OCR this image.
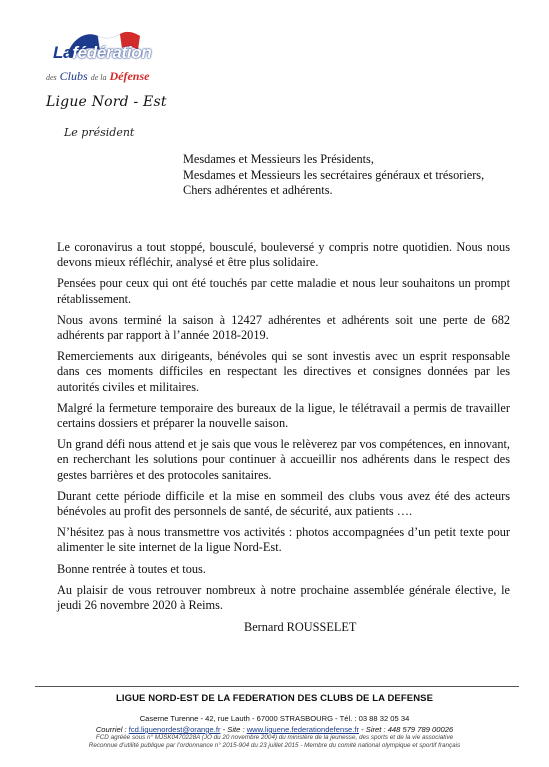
Lafédération
des Clubs de la Défense
Ligue Nord - Est
Le président
Mesdames et Messieurs les Présidents,
Mesdames et Messieurs les secrétaires généraux et trésoriers,
Chers adhérentes et adhérents.

Le coronavirus a tout stoppé, bousculé, bouleversé y compris notre quotidien. Nous nous devons mieux réfléchir, analysé et être plus solidaire.

Pensées pour ceux qui ont été touchés par cette maladie et nous leur souhaitons un prompt rétablissement.

Nous avons terminé la saison à 12427 adhérentes et adhérents soit une perte de 682 adhérents par rapport à l’année 2018-2019.

Remerciements aux dirigeants, bénévoles qui se sont investis avec un esprit responsable dans ces moments difficiles en respectant les directives et consignes données par les autorités civiles et militaires.

Malgré la fermeture temporaire des bureaux de la ligue, le télétravail a permis de travailler certains dossiers et préparer la nouvelle saison.

Un grand défi nous attend et je sais que vous le relèverez par vos compétences, en innovant, en recherchant les solutions pour continuer à accueillir nos adhérents dans le respect des gestes barrières et des protocoles sanitaires.

Durant cette période difficile et la mise en sommeil des clubs vous avez été des acteurs bénévoles au profit des personnels de santé, de sécurité, aux patients ….

N’hésitez pas à nous transmettre vos activités : photos accompagnées d’un petit texte pour alimenter le site internet de la ligue Nord-Est.

Bonne rentrée à toutes et tous.

Au plaisir de vous retrouver nombreux à notre prochaine assemblée générale élective, le jeudi 26 novembre 2020 à Reims.

Bernard ROUSSELET
LIGUE NORD-EST DE LA FEDERATION DES CLUBS DE LA DEFENSE
Caserne Turenne - 42, rue Lauth - 67000 STRASBOURG - Tél. : 03 88 32 05 34
Courriel : fcd.liguenordest@orange.fr - Site : www.liguene.federationdefense.fr - Siret : 448 579 789 00026
FCD agréée sous n° MJSK0470228A (JO du 20 novembre 2004) du ministère de la jeunesse, des sports et de la vie associative
Reconnue d’utilité publique par l’ordonnance n° 2015-904 du 23 juillet 2015 - Membre du comité national olympique et sportif français
